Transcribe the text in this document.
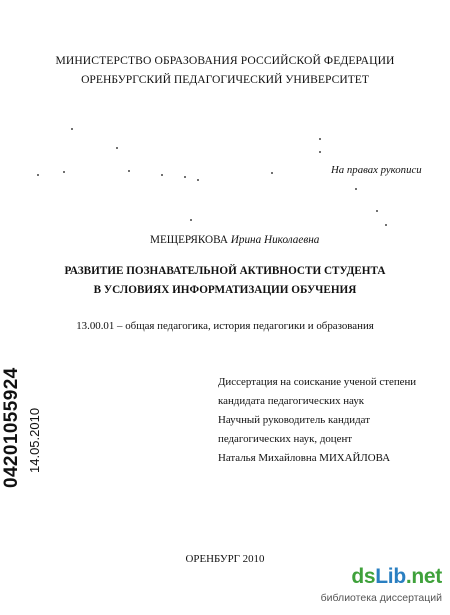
МИНИСТЕРСТВО ОБРАЗОВАНИЯ РОССИЙСКОЙ ФЕДЕРАЦИИ
ОРЕНБУРГСКИЙ ПЕДАГОГИЧЕСКИЙ УНИВЕРСИТЕТ
На правах рукописи
МЕЩЕРЯКОВА Ирина Николаевна
РАЗВИТИЕ ПОЗНАВАТЕЛЬНОЙ АКТИВНОСТИ СТУДЕНТА
В УСЛОВИЯХ ИНФОРМАТИЗАЦИИ ОБУЧЕНИЯ
13.00.01 – общая педагогика, история педагогики и образования
Диссертация на соискание ученой степени
кандидата педагогических наук
Научный руководитель кандидат
педагогических наук, доцент
Наталья Михайловна МИХАЙЛОВА
04201055924 14.05.2010
ОРЕНБУРГ 2010
dsLib.net
библиотека диссертаций
